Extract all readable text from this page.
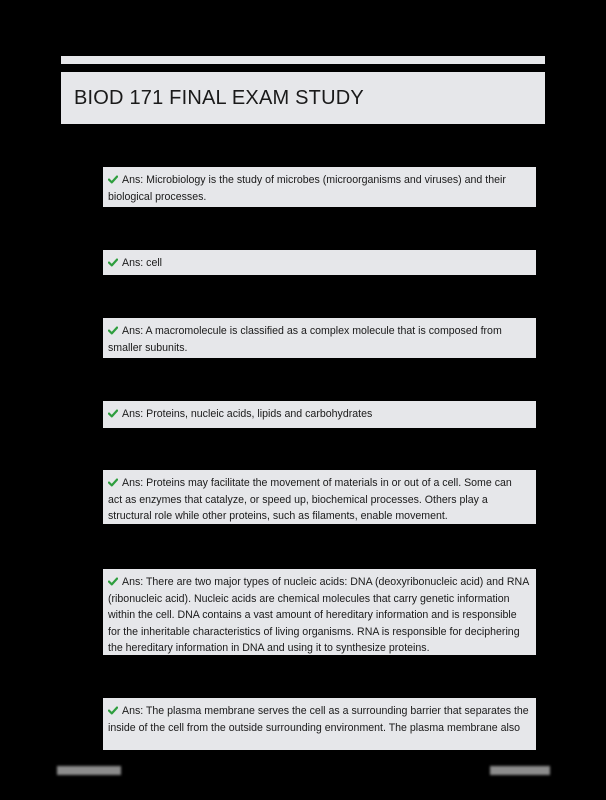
BIOD 171 FINAL EXAM STUDY
Ans: Microbiology is the study of microbes (microorganisms and viruses) and their
biological processes.
Ans: cell
Ans: A macromolecule is classified as a complex molecule that is composed from
smaller subunits.
Ans: Proteins, nucleic acids, lipids and carbohydrates
Ans: Proteins may facilitate the movement of materials in or out of a cell. Some can
act as enzymes that catalyze, or speed up, biochemical processes. Others play a
structural role while other proteins, such as filaments, enable movement.
Ans: There are two major types of nucleic acids: DNA (deoxyribonucleic acid) and RNA
(ribonucleic acid). Nucleic acids are chemical molecules that carry genetic information
within the cell. DNA contains a vast amount of hereditary information and is responsible
for the inheritable characteristics of living organisms. RNA is responsible for deciphering
the hereditary information in DNA and using it to synthesize proteins.
Ans: The plasma membrane serves the cell as a surrounding barrier that separates the
inside of the cell from the outside surrounding environment. The plasma membrane also
